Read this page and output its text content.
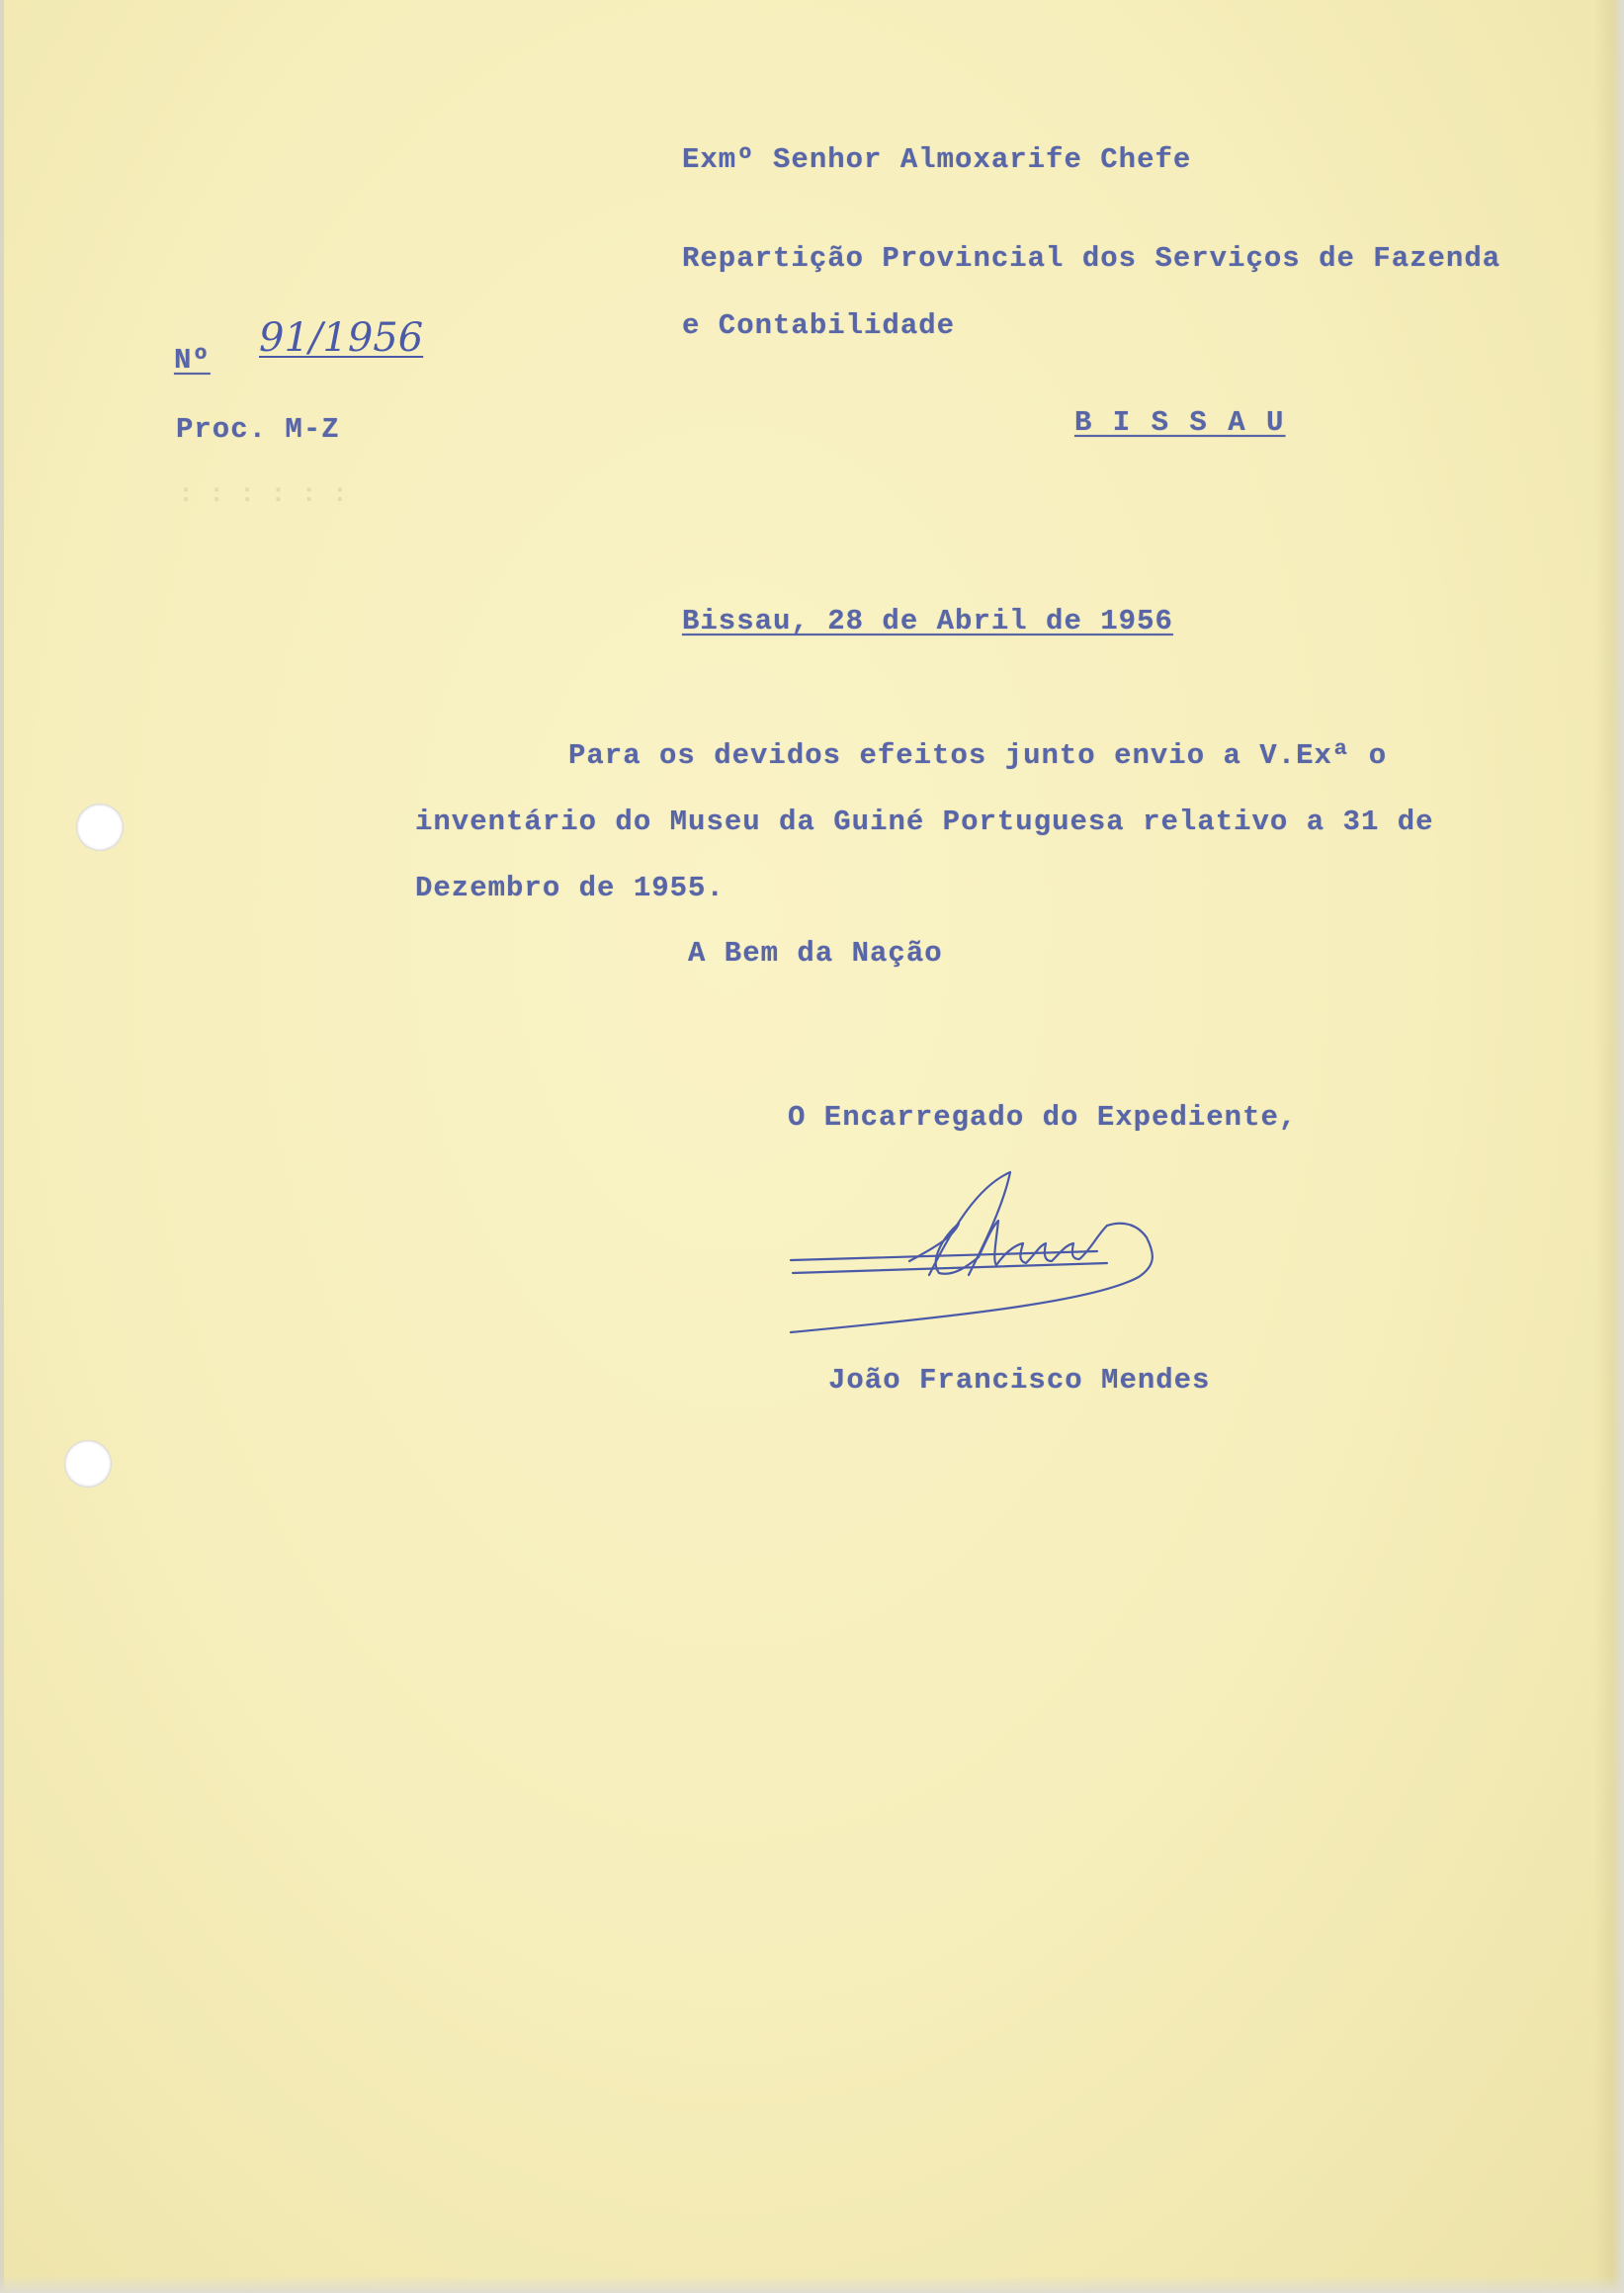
: : : : : :
Exmº Senhor Almoxarife Chefe
Repartição Provincial dos Serviços de Fazenda
e Contabilidade
B I S S A U
Nº 91/1956
Proc. M-Z
Bissau, 28 de Abril de 1956
Para os devidos efeitos junto envio a V.Exª o
inventário do Museu da Guiné Portuguesa relativo a 31 de
Dezembro de 1955.
A Bem da Nação
O Encarregado do Expediente,
João Francisco Mendes
